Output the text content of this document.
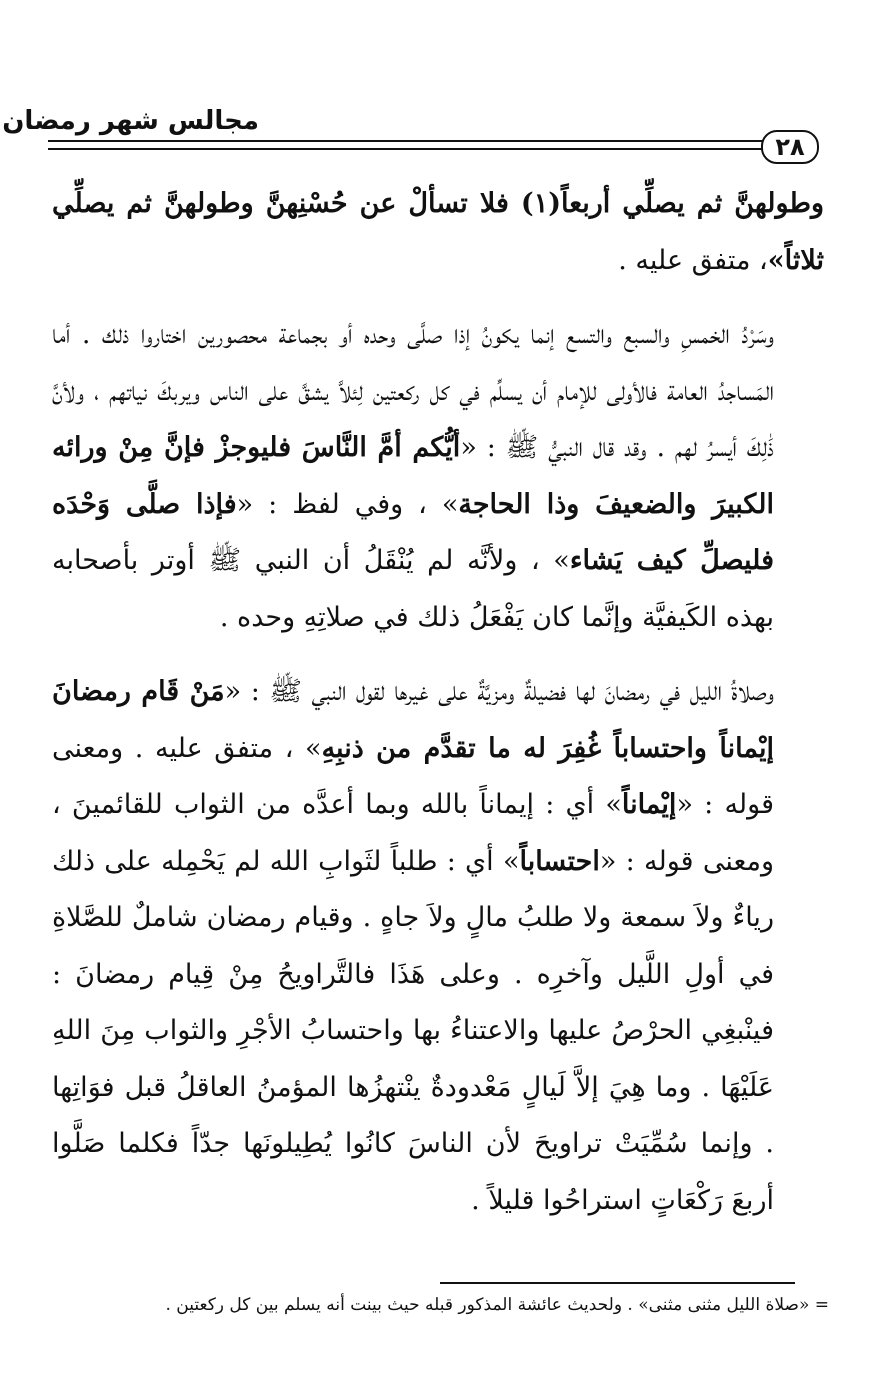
مجالس شهر رمضان
٢٨

وطولهنَّ ثم يصلِّي أربعاً(١) فلا تسألْ عن حُسْنِهنَّ وطولهنَّ ثم يصلِّي ثلاثاً»، متفق عليه .

وسَرْدُ الخمسِ والسبع والتسع إنما يكونُ إذا صلَّى وحده أو بجماعة محصورين اختاروا ذلك . أما المَساجدُ العامة فالأولى للإمام أن يسلِّم في كل ركعتين لِئلاَّ يشقَّ على الناس ويربكَ نياتهم ، ولأنَّ ذَٰلِكَ أيسرُ لهم . وقد قال النبيُّ ﷺ : «أيُّكم أمَّ النَّاسَ فليوجزْ فإنَّ مِنْ ورائه الكبيرَ والضعيفَ وذا الحاجة» ، وفي لفظ : «فإذا صلَّى وَحْدَه فليصلِّ كيف يَشاء» ، ولأنَّه لم يُنْقَلُ أن النبي ﷺ أوتر بأصحابه بهذه الكَيفيَّة وإنَّما كان يَفْعَلُ ذلك في صلاتِهِ وحده .

وصلاةُ الليل في رمضانَ لها فضيلةٌ ومزيَّةٌ على غيرها لقول النبي ﷺ : «مَنْ قَام رمضانَ إيْماناً واحتساباً غُفِرَ له ما تقدَّم من ذنبِهِ» ، متفق عليه . ومعنى قوله : «إيْماناً» أي : إيماناً بالله وبما أعدَّه من الثواب للقائمينَ ، ومعنى قوله : «احتساباً» أي : طلباً لثَوابِ الله لم يَحْمِله على ذلك رياءٌ ولاَ سمعة ولا طلبُ مالٍ ولاَ جاهٍ . وقيام رمضان شاملٌ للصَّلاةِ في أولِ اللَّيل وآخرِه . وعلى هَذَا فالتَّراويحُ مِنْ قِيام رمضانَ : فينْبغِي الحرْصُ عليها والاعتناءُ بها واحتسابُ الأجْرِ والثواب مِنَ اللهِ عَلَيْهَا . وما هِيَ إلاَّ لَيالٍ مَعْدودةٌ ينْتهزُها المؤمنُ العاقلُ قبل فوَاتِها . وإنما سُمِّيَتْ تراويحَ لأن الناسَ كانُوا يُطِيلونَها جدّاً فكلما صَلَّوا أربعَ رَكْعَاتٍ استراحُوا قليلاً .

= «صلاة الليل مثنى مثنى» . ولحديث عائشة المذكور قبله حيث بينت أنه يسلم بين كل ركعتين .
